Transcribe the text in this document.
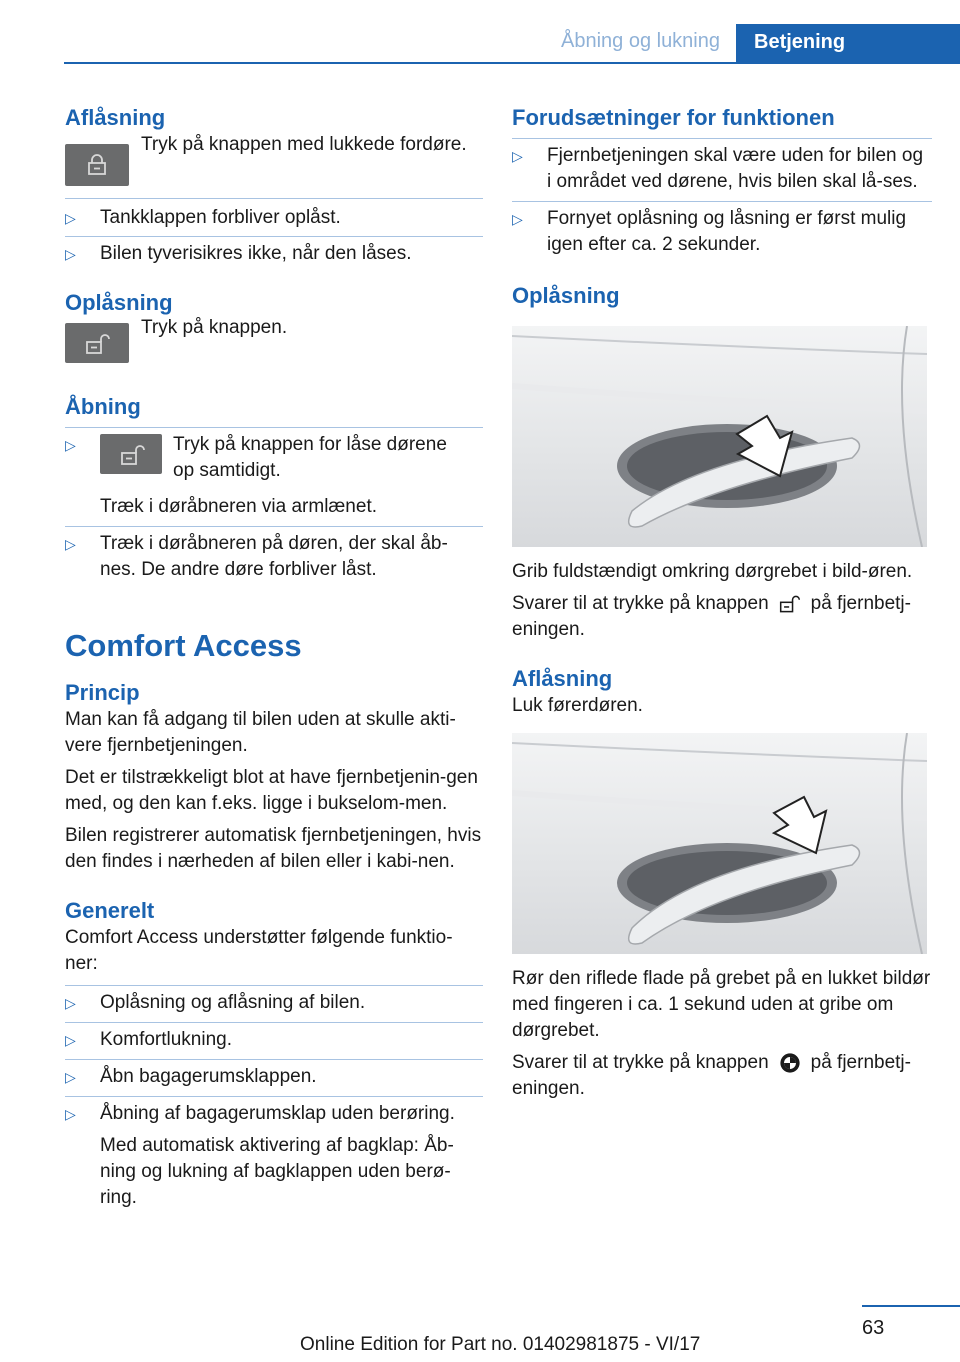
Åbning og lukning	Betjening
Aflåsning

Tryk på knappen med lukkede fordøre.

▷ Tankklappen forbliver oplåst.
▷ Bilen tyverisikres ikke, når den låses.
Oplåsning

Tryk på knappen.

Åbning
▷	Tryk på knappen for låse dørene

op samtidigt.

Træk i døråbneren via armlænet.

▷ Træk i døråbneren på døren, der skal åb-nes. De andre døre forbliver låst.
Comfort Access
Princip

Man kan få adgang til bilen uden at skulle akti-vere fjernbetjeningen.

Det er tilstrækkeligt blot at have fjernbetjenin-gen med, og den kan f.eks. ligge i bukselom-men.

Bilen registrerer automatisk fjernbetjeningen, hvis den findes i nærheden af bilen eller i kabi-nen.

Generelt

Comfort Access understøtter følgende funktio-ner:

▷ Oplåsning og aflåsning af bilen.
▷ Komfortlukning.
▷ Åbn bagagerumsklappen.
▷ Åbning af bagagerumsklap uden berøring.

Med automatisk aktivering af bagklap: Åb-ning og lukning af bagklappen uden berø-ring.

Forudsætninger for funktionen
▷ Fjernbetjeningen skal være uden for bilen og i området ved dørene, hvis bilen skal lå-ses.
▷ Fornyet oplåsning og låsning er først mulig igen efter ca. 2 sekunder.
Oplåsning

Grib fuldstændigt omkring dørgrebet i bild-øren.

Svarer til at trykke på knappen på fjernbetj-eningen.

Aflåsning

Luk førerdøren.

Rør den riflede flade på grebet på en lukket bildør med fingeren i ca. 1 sekund uden at gribe om dørgrebet.

Svarer til at trykke på knappen på fjernbetj-eningen.

63
Online Edition for Part no. 01402981875 - VI/17
